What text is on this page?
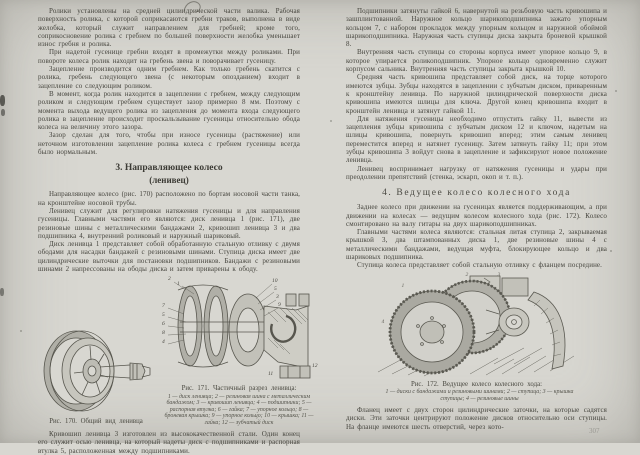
Ролики установлены на средней цилиндрической части валика. Рабочая поверхность ролика, с которой соприкасаются гребни траков, выполнена в виде желобка, который служит направлением для гребней; кроме того, соприкосновение ролика с гребнем по большей поверхности желобка уменьшает износ гребня и ролика.

При надетой гусенице гребни входят в промежутки между роликами. При повороте колеса ролик находит на гребень звена и поворачивает гусеницу.

Зацепление производится одним гребнем. Как только гребень скатится с ролика, гребень следующего звена (с некоторым опозданием) входит в зацепление со следующим роликом.

В момент, когда ролик находится в зацеплении с гребнем, между следующим роликом и следующим гребнем существует зазор примерно 8 мм. Поэтому с момента выхода ведущего ролика из зацепления до момента входа следующего ролика в зацепление происходит проскальзывание гусеницы относительно обода колеса на величину этого зазора.

Зазор сделан для того, чтобы при износе гусеницы (растяжение) или неточном изготовлении зацепление ролика колеса с гребнем гусеницы всегда было нормальным.

3. Направляющее колесо
(ленивец)

Направляющее колесо (рис. 170) расположено по бортам носовой части танка, на кронштейне носовой трубы.

Ленивец служит для регулировки натяжения гусеницы и для направления гусеницы. Главными частями его являются: диск ленивца 1 (рис. 171), две резиновые шины с металлическими бандажами 2, кривошип ленивца 3 и два подшипника 4, внутренний роликовый и наружный шариковый.

Диск ленивца 1 представляет собой обработанную стальную отливку с двумя ободами для насадки бандажей с резиновыми шинами. Ступица диска имеет две цилиндрические выточки для постановки подшипников. Бандажи с резиновыми шинами 2 напрессованы на ободы диска и затем приварены к ободу.

Рис. 170. Общий вид ленивца
2
1
7
5
6
8
4
10
5
3
9
11
12
Рис. 171. Частичный разрез ленивца:
1 — диск ленивца; 2 — резиновая шина с металлическим бандажом; 3 — кривошип ленивца; 4 — подшипники; 5 — распорная втулка; 6 — гайка; 7 — упорное кольцо; 8 — броневая крышка; 9 — упорное кольцо; 10 — крышка; 11 — гайка; 12 — зубчатый диск

Кривошип ленивца 3 изготовлен из высококачественной стали. Один конец его служит осью ленивца, на который надеты диск с подшипниками и распорная втулка 5, расположенная между подшипниками.

Подшипники затянуты гайкой 6, навернутой на резьбовую часть кривошипа и зашплинтованной. Наружное кольцо шарикоподшипника зажато упорным кольцом 7, с набором прокладок между упорным кольцом и наружной обоймой шарикоподшипника. Наружная часть ступицы диска закрыта броневой крышкой 8.

Внутренняя часть ступицы со стороны корпуса имеет упорное кольцо 9, в которое упирается роликоподшипник. Упорное кольцо одновременно служит корпусом сальника. Внутренняя часть ступицы закрыта крышкой 10.

Средняя часть кривошипа представляет собой диск, на торце которого имеются зубцы. Зубцы находятся в зацеплении с зубчатым диском, приваренным к кронштейну ленивца. По наружной цилиндрической поверхности диска кривошипа имеются шлицы для ключа. Другой конец кривошипа входит в кронштейн ленивца и затянут гайкой 11.

Для натяжения гусеницы необходимо отпустить гайку 11, вывести из зацепления зубцы кривошипа с зубчатым диском 12 и ключом, надетым на шлицы кривошипа, повернуть кривошип вперед; этим самым ленивец переместится вперед и натянет гусеницу. Затем затянуть гайку 11; при этом зубцы кривошипа 3 войдут снова в зацепление и зафиксируют новое положение ленивца.

Ленивец воспринимает нагрузку от натяжения гусеницы и удары при преодолении препятствий (стенка, эскарп, окоп и т. п.).

4. Ведущее колесо колесного хода

Заднее колесо при движении на гусеницах является поддерживающим, а при движении на колесах — ведущим колесом колесного хода (рис. 172). Колесо смонтировано на валу гитары на двух шарикоподшипниках.

Главными частями колеса являются: стальная литая ступица 2, закрываемая крышкой 3, два штампованных диска 1, две резиновые шины 4 с металлическими бандажами, ведущая муфта, блокирующее кольцо и два шариковых подшипника.

Ступица колеса представляет собой стальную отливку с фланцем посредине.

1
2	3
4
Рис. 172. Ведущее колесо колесного хода:
1 — диски с бандажами и резиновыми шинами; 2 — ступица; 3 — крышка ступицы; 4 — резиновые шины

Фланец имеет с двух сторон цилиндрические заточки, на которые садятся диски. Эти заточки центрируют положение дисков относительно оси ступицы. На фланце имеются шесть отверстий, через кото-

307
